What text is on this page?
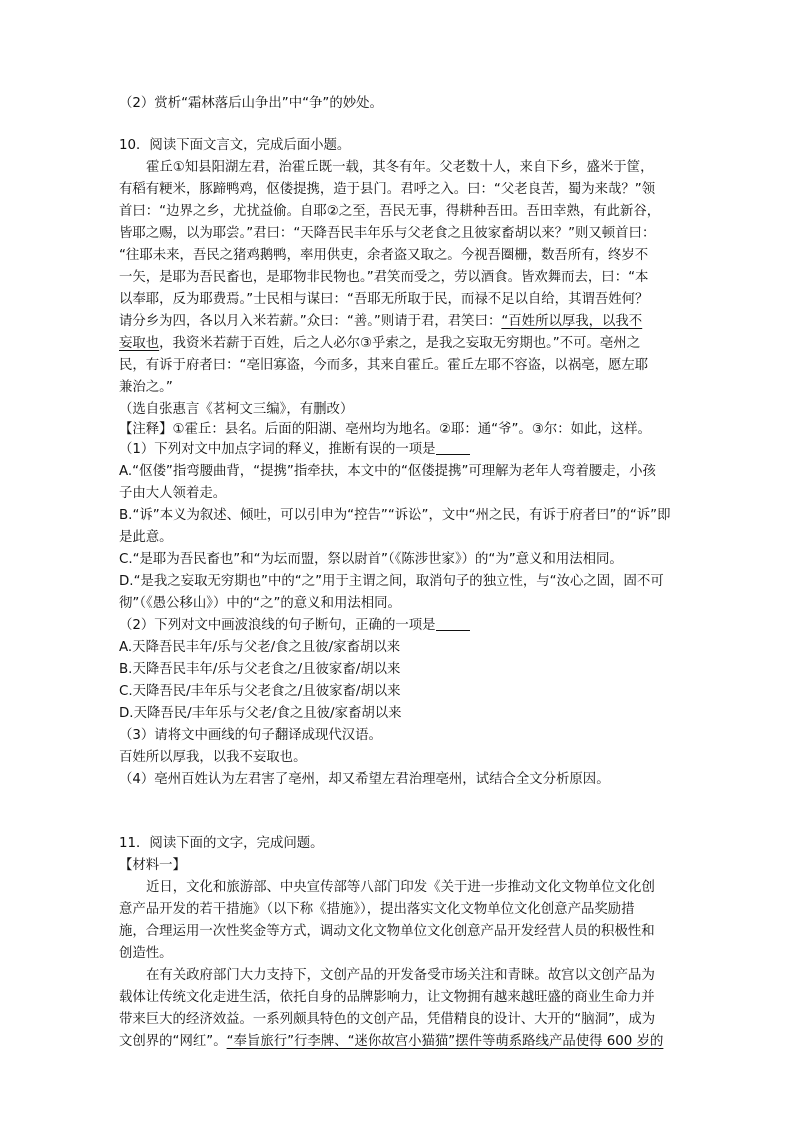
（2）赏析“霜林落后山争出”中“争”的妙处。
10．阅读下面文言文，完成后面小题。
霍丘①知县阳湖左君，治霍丘既一载，其冬有年。父老数十人，来自下乡，盛米于筐，
有稻有粳米，豚蹄鸭鸡，伛偻提携，造于县门。君呼之入。曰：“父老良苦，蜀为来哉？”领
首曰：“边界之乡，尤扰益偷。自耶②之至，吾民无事，得耕种吾田。吾田幸熟，有此新谷，
皆耶之赐，以为耶尝。”君曰：“天降吾民丰年乐与父老食之且彼家畜胡以来？”则又顿首曰：
“往耶未来，吾民之猪鸡鹅鸭，率用供吏，余者盗又取之。今视吾圈栅，数吾所有，终岁不
一矢，是耶为吾民畜也，是耶物非民物也。”君笑而受之，劳以酒食。皆欢舞而去，曰：“本
以奉耶，反为耶费焉。”士民相与谋曰：“吾耶无所取于民，而禄不足以自给，其谓吾姓何？
请分乡为四，各以月入米若薪。”众曰：“善。”则请于君，君笑曰：“百姓所以厚我，以我不
妄取也，我资米若薪于百姓，后之人必尔③乎索之，是我之妄取无穷期也。”不可。亳州之
民，有诉于府者曰：“亳旧寡盗，今而多，其来自霍丘。霍丘左耶不容盗，以祸亳，愿左耶
兼治之。”
（选自张惠言《茗柯文三编》，有删改）
【注释】①霍丘：县名。后面的阳湖、亳州均为地名。②耶：通“爷”。③尔：如此，这样。
（1）下列对文中加点字词的释义，推断有误的一项是
A.“伛偻”指弯腰曲背，“提携”指牵扶，本文中的“伛偻提携”可理解为老年人弯着腰走，小孩
子由大人领着走。
B.“诉”本义为叙述、倾吐，可以引申为“控告”“诉讼”，文中“州之民，有诉于府者曰”的“诉”即
是此意。
C.“是耶为吾民畜也”和“为坛而盟，祭以尉首”（《陈涉世家》）的“为”意义和用法相同。
D.“是我之妄取无穷期也”中的“之”用于主谓之间，取消句子的独立性，与“汝心之固，固不可
彻”（《愚公移山》）中的“之”的意义和用法相同。
（2）下列对文中画波浪线的句子断句，正确的一项是
A.天降吾民丰年/乐与父老/食之且彼/家畜胡以来
B.天降吾民丰年/乐与父老食之/且彼家畜/胡以来
C.天降吾民/丰年乐与父老食之/且彼家畜/胡以来
D.天降吾民/丰年乐与父老/食之且彼/家畜胡以来
（3）请将文中画线的句子翻译成现代汉语。
百姓所以厚我，以我不妄取也。
（4）亳州百姓认为左君害了亳州，却又希望左君治理亳州，试结合全文分析原因。
11．阅读下面的文字，完成问题。
【材料一】
近日，文化和旅游部、中央宣传部等八部门印发《关于进一步推动文化文物单位文化创
意产品开发的若干措施》（以下称《措施》），提出落实文化文物单位文化创意产品奖励措
施，合理运用一次性奖金等方式，调动文化文物单位文化创意产品开发经营人员的积极性和
创造性。
在有关政府部门大力支持下，文创产品的开发备受市场关注和青睐。故宫以文创产品为
载体让传统文化走进生活，依托自身的品牌影响力，让文物拥有越来越旺盛的商业生命力并
带来巨大的经济效益。一系列颇具特色的文创产品，凭借精良的设计、大开的“脑洞”，成为
文创界的“网红”。“奉旨旅行”行李牌、“迷你故宫小猫猫”摆件等萌系路线产品使得 600 岁的
